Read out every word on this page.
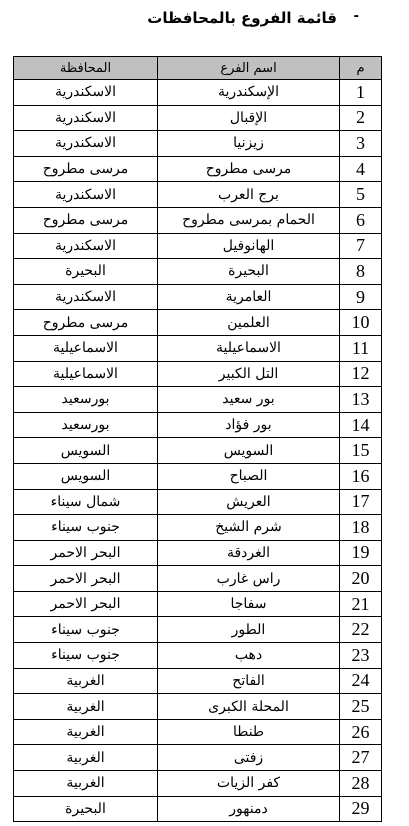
قائمة الفروع بالمحافظات -
المحافظة	اسم الفرع	م
الاسكندرية	الإسكندرية	1
الاسكندرية	الإقبال	2
الاسكندرية	زيزنيا	3
مرسى مطروح	مرسى مطروح	4
الاسكندرية	برج العرب	5
مرسى مطروح	الحمام بمرسى مطروح	6
الاسكندرية	الهانوفيل	7
البحيرة	البحيرة	8
الاسكندرية	العامرية	9
مرسى مطروح	العلمين	10
الاسماعيلية	الاسماعيلية	11
الاسماعيلية	التل الكبير	12
بورسعيد	بور سعيد	13
بورسعيد	بور فؤاد	14
السويس	السويس	15
السويس	الصباح	16
شمال سيناء	العريش	17
جنوب سيناء	شرم الشيخ	18
البحر الاحمر	الغردقة	19
البحر الاحمر	راس غارب	20
البحر الاحمر	سفاجا	21
جنوب سيناء	الطور	22
جنوب سيناء	دهب	23
الغربية	الفاتح	24
الغربية	المحلة الكبرى	25
الغربية	طنطا	26
الغربية	زفتى	27
الغربية	كفر الزيات	28
البحيرة	دمنهور	29
